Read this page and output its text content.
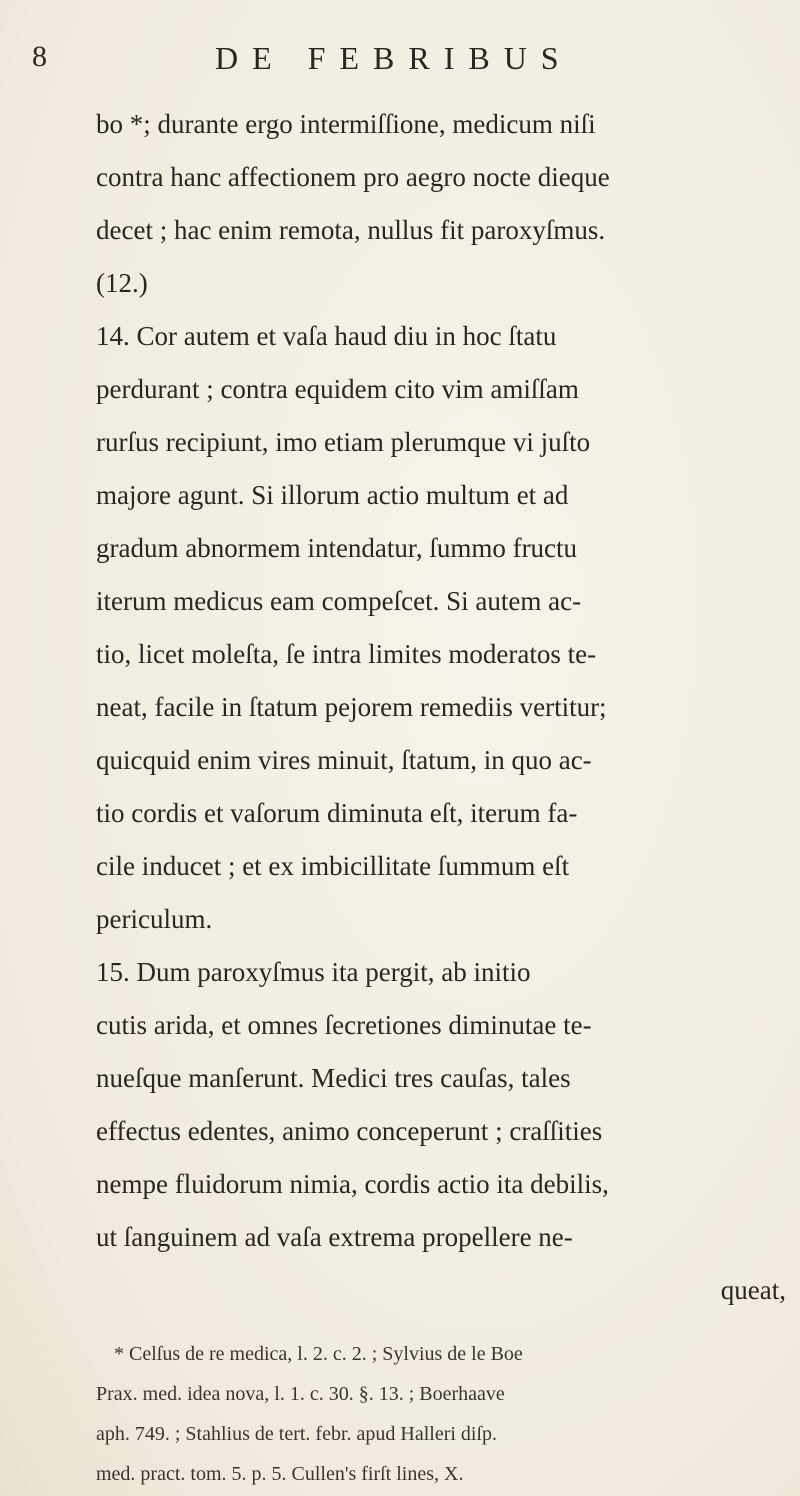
8	DE FEBRIBUS
bo *; durante ergo intermiſſione, medicum niſi
contra hanc affectionem pro aegro nocte dieque
decet ; hac enim remota, nullus fit paroxyſmus.
(12.)
14. Cor autem et vaſa haud diu in hoc ſtatu
perdurant ; contra equidem cito vim amiſſam
rurſus recipiunt, imo etiam plerumque vi juſto
majore agunt. Si illorum actio multum et ad
gradum abnormem intendatur, ſummo fructu
iterum medicus eam compeſcet. Si autem ac-
tio, licet moleſta, ſe intra limites moderatos te-
neat, facile in ſtatum pejorem remediis vertitur;
quicquid enim vires minuit, ſtatum, in quo ac-
tio cordis et vaſorum diminuta eſt, iterum fa-
cile inducet ; et ex imbicillitate ſummum eſt
periculum.
15. Dum paroxyſmus ita pergit, ab initio
cutis arida, et omnes ſecretiones diminutae te-
nueſque manſerunt. Medici tres cauſas, tales
effectus edentes, animo conceperunt ; craſſities
nempe fluidorum nimia, cordis actio ita debilis,
ut ſanguinem ad vaſa extrema propellere ne-
queat,
* Celſus de re medica, l. 2. c. 2. ; Sylvius de le Boe
Prax. med. idea nova, l. 1. c. 30. §. 13. ; Boerhaave
aph. 749. ; Stahlius de tert. febr. apud Halleri diſp.
med. pract. tom. 5. p. 5. Cullen's firſt lines, X.
